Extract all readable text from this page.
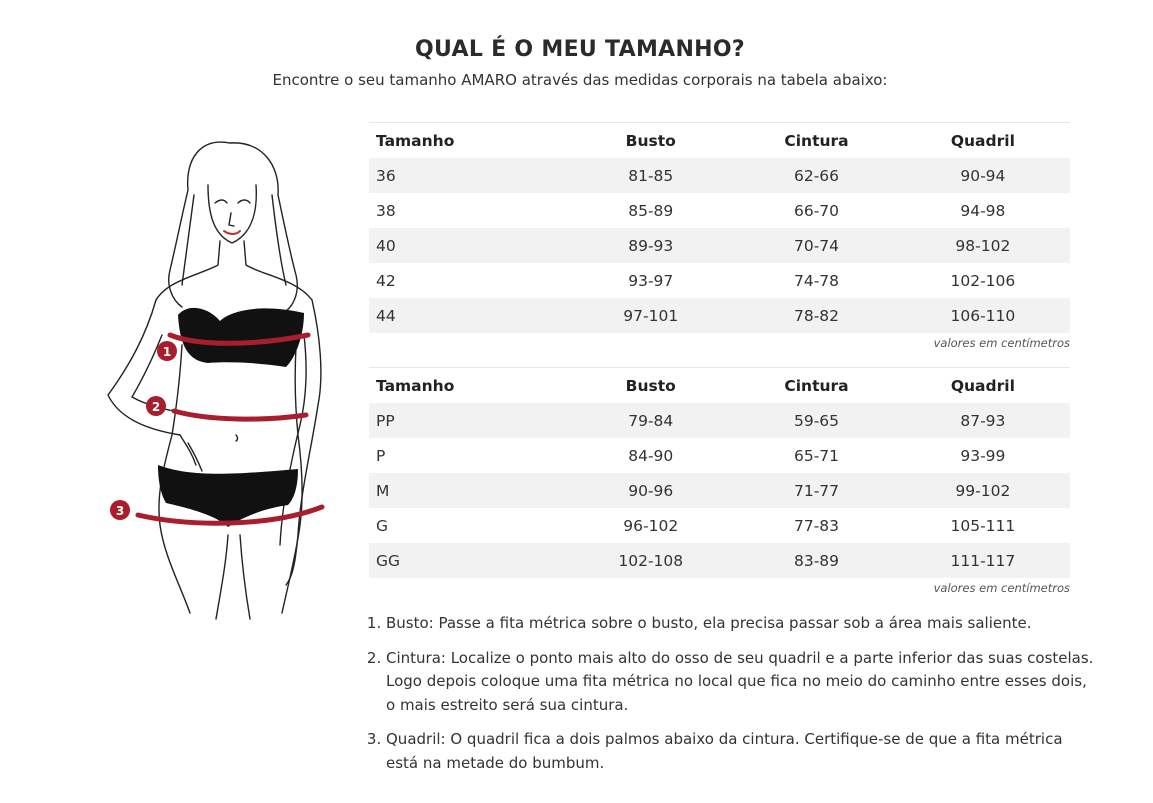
QUAL É O MEU TAMANHO?
Encontre o seu tamanho AMARO através das medidas corporais na tabela abaixo:
1
2
3
Tamanho	Busto	Cintura	Quadril
36	81-85	62-66	90-94
38	85-89	66-70	94-98
40	89-93	70-74	98-102
42	93-97	74-78	102-106
44	97-101	78-82	106-110
valores em centímetros
Tamanho	Busto	Cintura	Quadril
PP	79-84	59-65	87-93
P	84-90	65-71	93-99
M	90-96	71-77	99-102
G	96-102	77-83	105-111
GG	102-108	83-89	111-117
valores em centímetros
1. Busto: Passe a fita métrica sobre o busto, ela precisa passar sob a área mais saliente.
2. Cintura: Localize o ponto mais alto do osso de seu quadril e a parte inferior das suas costelas. Logo depois coloque uma fita métrica no local que fica no meio do caminho entre esses dois, o mais estreito será sua cintura.
3. Quadril: O quadril fica a dois palmos abaixo da cintura. Certifique-se de que a fita métrica está na metade do bumbum.
